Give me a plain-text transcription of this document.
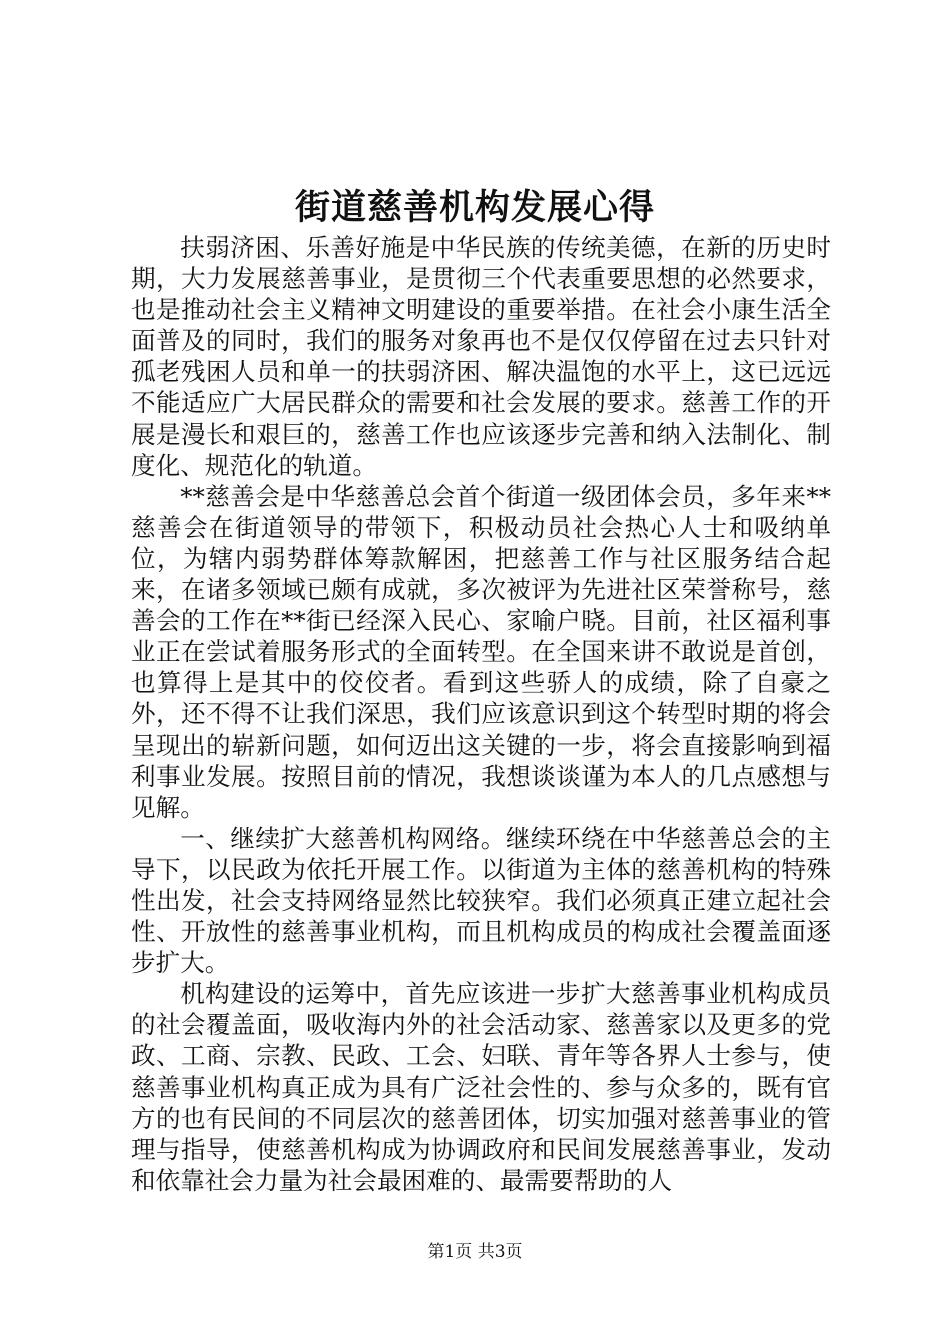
街道慈善机构发展心得

扶弱济困、乐善好施是中华民族的传统美德，在新的历史时期，大力发展慈善事业，是贯彻三个代表重要思想的必然要求，也是推动社会主义精神文明建设的重要举措。在社会小康生活全面普及的同时，我们的服务对象再也不是仅仅停留在过去只针对孤老残困人员和单一的扶弱济困、解决温饱的水平上，这已远远不能适应广大居民群众的需要和社会发展的要求。慈善工作的开展是漫长和艰巨的，慈善工作也应该逐步完善和纳入法制化、制度化、规范化的轨道。

**慈善会是中华慈善总会首个街道一级团体会员，多年来**慈善会在街道领导的带领下，积极动员社会热心人士和吸纳单位，为辖内弱势群体筹款解困，把慈善工作与社区服务结合起来，在诸多领域已颇有成就，多次被评为先进社区荣誉称号，慈善会的工作在**街已经深入民心、家喻户晓。目前，社区福利事业正在尝试着服务形式的全面转型。在全国来讲不敢说是首创，也算得上是其中的佼佼者。看到这些骄人的成绩，除了自豪之外，还不得不让我们深思，我们应该意识到这个转型时期的将会呈现出的崭新问题，如何迈出这关键的一步，将会直接影响到福利事业发展。按照目前的情况，我想谈谈谨为本人的几点感想与见解。

一、继续扩大慈善机构网络。继续环绕在中华慈善总会的主导下，以民政为依托开展工作。以街道为主体的慈善机构的特殊性出发，社会支持网络显然比较狭窄。我们必须真正建立起社会性、开放性的慈善事业机构，而且机构成员的构成社会覆盖面逐步扩大。

机构建设的运筹中，首先应该进一步扩大慈善事业机构成员的社会覆盖面，吸收海内外的社会活动家、慈善家以及更多的党政、工商、宗教、民政、工会、妇联、青年等各界人士参与，使慈善事业机构真正成为具有广泛社会性的、参与众多的，既有官方的也有民间的不同层次的慈善团体，切实加强对慈善事业的管理与指导，使慈善机构成为协调政府和民间发展慈善事业，发动和依靠社会力量为社会最困难的、最需要帮助的人

第1页 共3页
